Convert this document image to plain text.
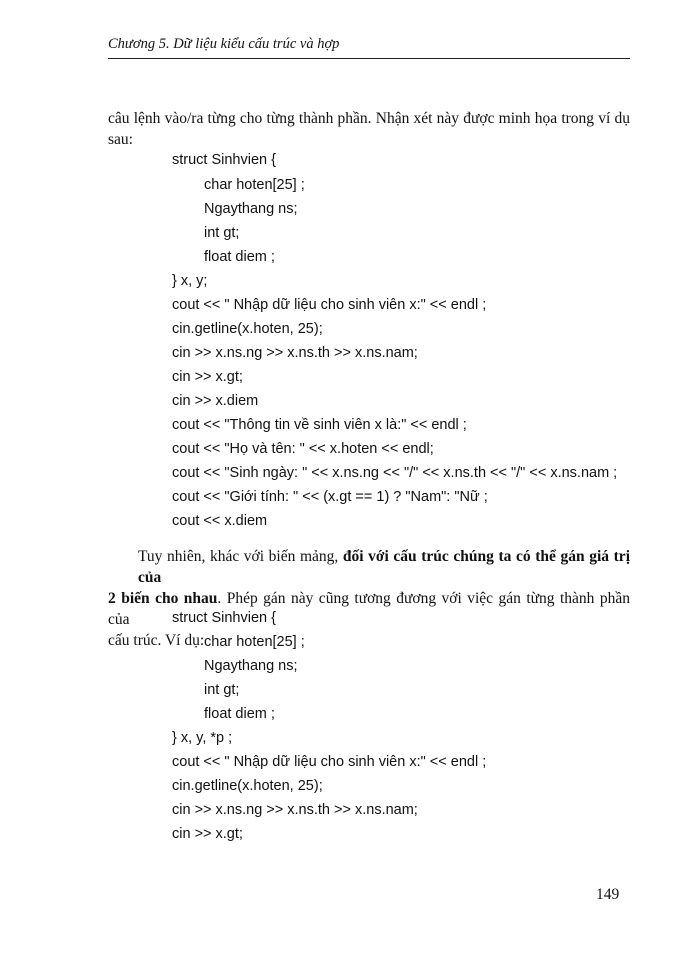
Chương 5. Dữ liệu kiểu cấu trúc và hợp
câu lệnh vào/ra từng cho từng thành phần. Nhận xét này được minh họa trong ví dụ
sau:
struct Sinhvien {
char hoten[25] ;
Ngaythang ns;
int gt;
float diem ;
} x, y;
cout << " Nhập dữ liệu cho sinh viên x:" << endl ;
cin.getline(x.hoten, 25);
cin >> x.ns.ng >> x.ns.th >> x.ns.nam;
cin >> x.gt;
cin >> x.diem
cout << "Thông tin về sinh viên x là:" << endl ;
cout << "Họ và tên: " << x.hoten << endl;
cout << "Sinh ngày: " << x.ns.ng << "/" << x.ns.th << "/" << x.ns.nam ;
cout << "Giới tính: " << (x.gt == 1) ? "Nam": "Nữ ;
cout << x.diem
Tuy nhiên, khác với biến mảng, đối với cấu trúc chúng ta có thể gán giá trị của
2 biến cho nhau. Phép gán này cũng tương đương với việc gán từng thành phần của
cấu trúc. Ví dụ:
struct Sinhvien {
char hoten[25] ;
Ngaythang ns;
int gt;
float diem ;
} x, y, *p ;
cout << " Nhập dữ liệu cho sinh viên x:" << endl ;
cin.getline(x.hoten, 25);
cin >> x.ns.ng >> x.ns.th >> x.ns.nam;
cin >> x.gt;
149
